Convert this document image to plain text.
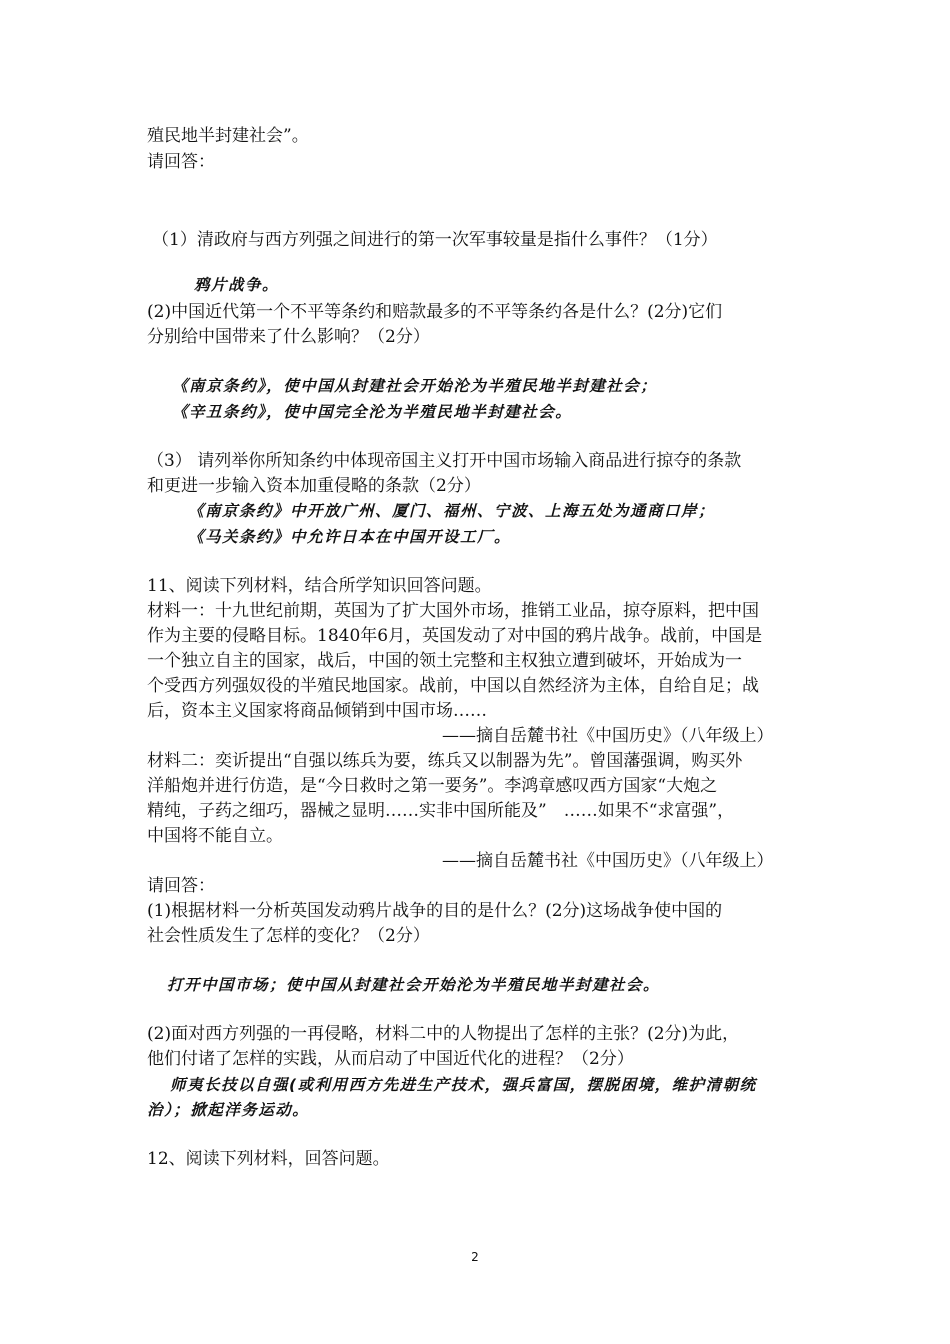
殖民地半封建社会”。
请回答：
（1）清政府与西方列强之间进行的第一次军事较量是指什么事件？（1分）
鸦片战争。
(2)中国近代第一个不平等条约和赔款最多的不平等条约各是什么？(2分)它们
分别给中国带来了什么影响？（2分）
《南京条约》，使中国从封建社会开始沦为半殖民地半封建社会；
《辛丑条约》，使中国完全沦为半殖民地半封建社会。
（3） 请列举你所知条约中体现帝国主义打开中国市场输入商品进行掠夺的条款
和更进一步输入资本加重侵略的条款（2分）
《南京条约》中开放广州、厦门、福州、宁波、上海五处为通商口岸；
《马关条约》中允许日本在中国开设工厂。
11、阅读下列材料，结合所学知识回答问题。
材料一：十九世纪前期，英国为了扩大国外市场，推销工业品，掠夺原料，把中国
作为主要的侵略目标。1840年6月，英国发动了对中国的鸦片战争。战前，中国是
一个独立自主的国家，战后，中国的领土完整和主权独立遭到破坏，开始成为一
个受西方列强奴役的半殖民地国家。战前，中国以自然经济为主体，自给自足；战
后，资本主义国家将商品倾销到中国市场……
——摘自岳麓书社《中国历史》（八年级上）
材料二：奕䜣提出“自强以练兵为要，练兵又以制器为先”。曾国藩强调，购买外
洋船炮并进行仿造，是“今日救时之第一要务”。李鸿章感叹西方国家“大炮之
精纯，子药之细巧，器械之显明……实非中国所能及”　……如果不“求富强”，
中国将不能自立。
——摘自岳麓书社《中国历史》（八年级上）
请回答：
(1)根据材料一分析英国发动鸦片战争的目的是什么？(2分)这场战争使中国的
社会性质发生了怎样的变化？（2分）
打开中国市场；使中国从封建社会开始沦为半殖民地半封建社会。
(2)面对西方列强的一再侵略，材料二中的人物提出了怎样的主张？(2分)为此，
他们付诸了怎样的实践，从而启动了中国近代化的进程？（2分）
师夷长技以自强(或利用西方先进生产技术，强兵富国，摆脱困境，维护清朝统
治）；掀起洋务运动。
12、阅读下列材料，回答问题。
2
